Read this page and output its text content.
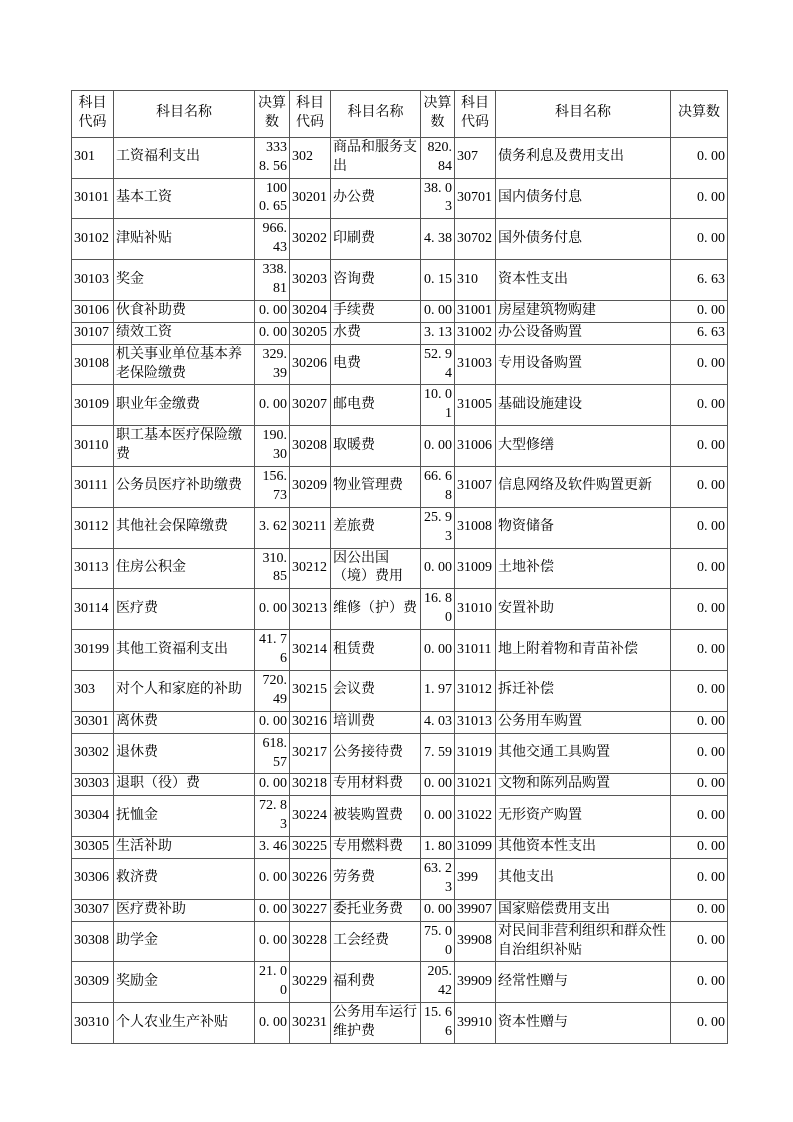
科目代码	科目名称	决算数	科目代码	科目名称	决算数	科目代码	科目名称	决算数
301	工资福利支出	3338. 56	302	商品和服务支出	820. 84	307	债务利息及费用支出	0. 00
30101	基本工资	1000. 65	30201	办公费	38. 03	30701	国内债务付息	0. 00
30102	津贴补贴	966. 43	30202	印刷费	4. 38	30702	国外债务付息	0. 00
30103	奖金	338. 81	30203	咨询费	0. 15	310	资本性支出	6. 63
30106	伙食补助费	0. 00	30204	手续费	0. 00	31001	房屋建筑物购建	0. 00
30107	绩效工资	0. 00	30205	水费	3. 13	31002	办公设备购置	6. 63
30108	机关事业单位基本养老保险缴费	329. 39	30206	电费	52. 94	31003	专用设备购置	0. 00
30109	职业年金缴费	0. 00	30207	邮电费	10. 01	31005	基础设施建设	0. 00
30110	职工基本医疗保险缴费	190. 30	30208	取暖费	0. 00	31006	大型修缮	0. 00
30111	公务员医疗补助缴费	156. 73	30209	物业管理费	66. 68	31007	信息网络及软件购置更新	0. 00
30112	其他社会保障缴费	3. 62	30211	差旅费	25. 93	31008	物资储备	0. 00
30113	住房公积金	310. 85	30212	因公出国（境）费用	0. 00	31009	土地补偿	0. 00
30114	医疗费	0. 00	30213	维修（护）费	16. 80	31010	安置补助	0. 00
30199	其他工资福利支出	41. 76	30214	租赁费	0. 00	31011	地上附着物和青苗补偿	0. 00
303	对个人和家庭的补助	720. 49	30215	会议费	1. 97	31012	拆迁补偿	0. 00
30301	离休费	0. 00	30216	培训费	4. 03	31013	公务用车购置	0. 00
30302	退休费	618. 57	30217	公务接待费	7. 59	31019	其他交通工具购置	0. 00
30303	退职（役）费	0. 00	30218	专用材料费	0. 00	31021	文物和陈列品购置	0. 00
30304	抚恤金	72. 83	30224	被装购置费	0. 00	31022	无形资产购置	0. 00
30305	生活补助	3. 46	30225	专用燃料费	1. 80	31099	其他资本性支出	0. 00
30306	救济费	0. 00	30226	劳务费	63. 23	399	其他支出	0. 00
30307	医疗费补助	0. 00	30227	委托业务费	0. 00	39907	国家赔偿费用支出	0. 00
30308	助学金	0. 00	30228	工会经费	75. 00	39908	对民间非营利组织和群众性自治组织补贴	0. 00
30309	奖励金	21. 00	30229	福利费	205. 42	39909	经常性赠与	0. 00
30310	个人农业生产补贴	0. 00	30231	公务用车运行维护费	15. 66	39910	资本性赠与	0. 00
